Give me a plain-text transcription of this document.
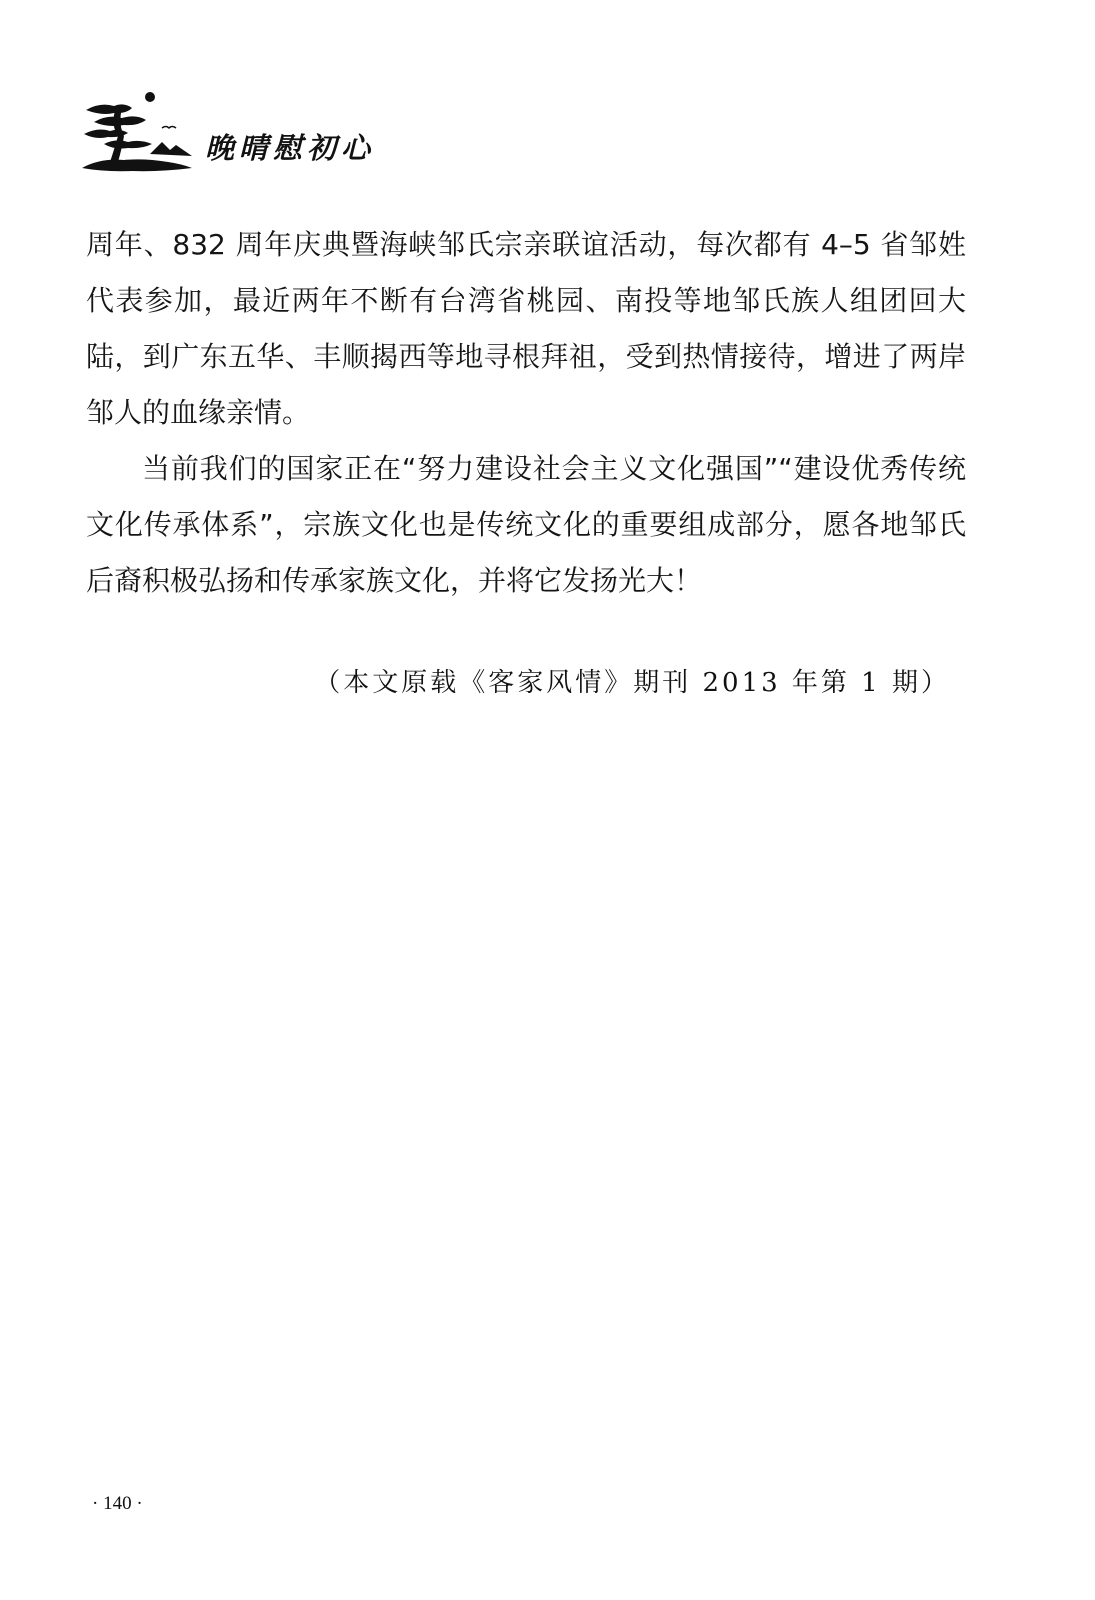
晚晴慰初心

周年、832 周年庆典暨海峡邹氏宗亲联谊活动，每次都有 4–5 省邹姓代表参加，最近两年不断有台湾省桃园、南投等地邹氏族人组团回大陆，到广东五华、丰顺揭西等地寻根拜祖，受到热情接待，增进了两岸邹人的血缘亲情。

当前我们的国家正在“努力建设社会主义文化强国”“建设优秀传统文化传承体系”，宗族文化也是传统文化的重要组成部分，愿各地邹氏后裔积极弘扬和传承家族文化，并将它发扬光大！

（本文原载《客家风情》期刊 2013 年第 1 期）
· 140 ·
